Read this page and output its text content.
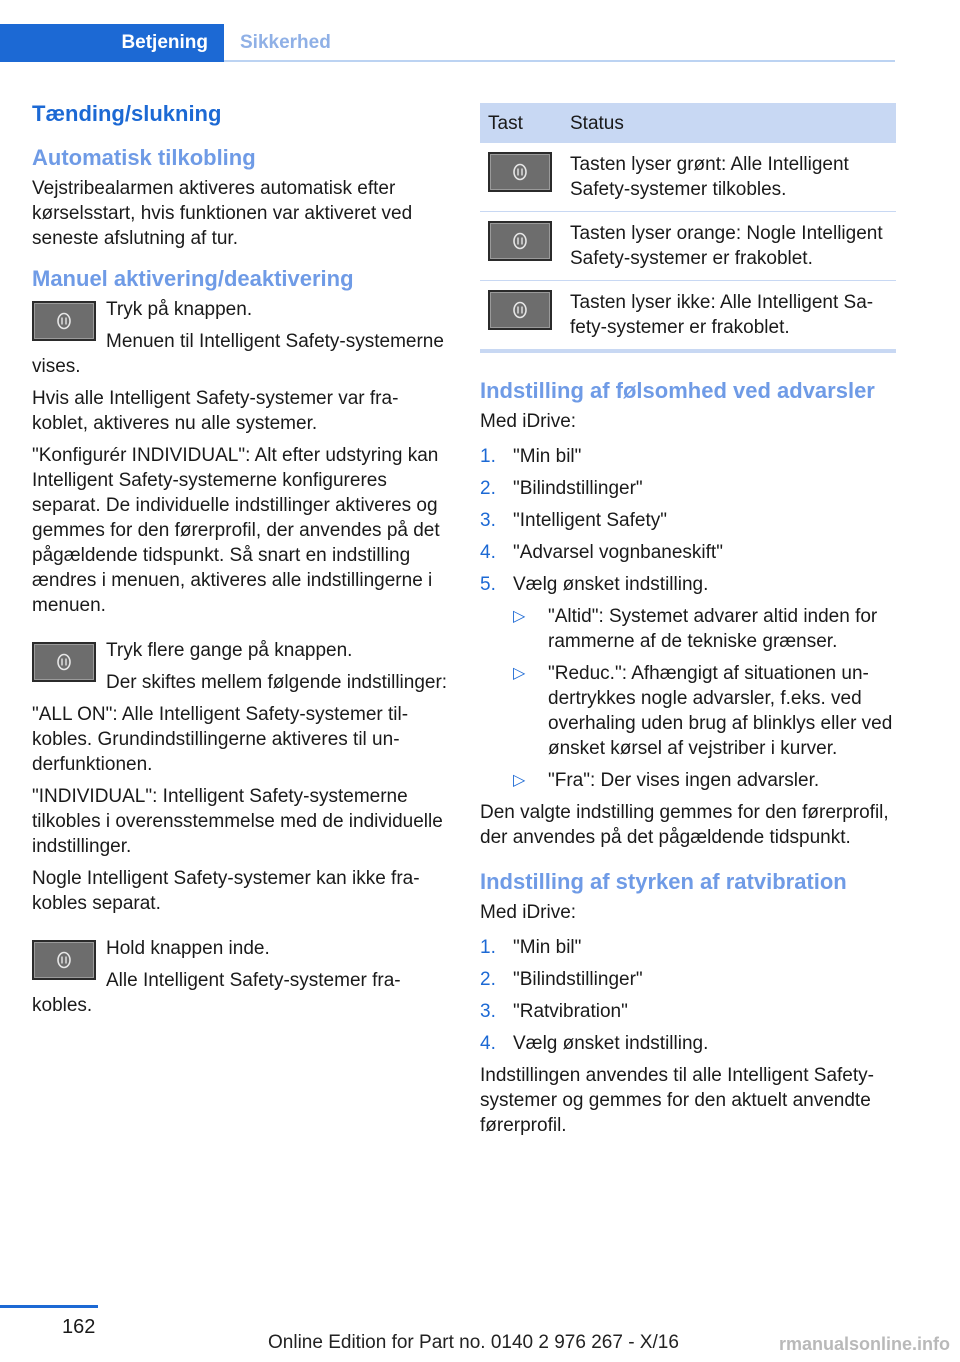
Betjening Sikkerhed
Tænding/slukning
Automatisk tilkobling

Vejstribealarmen aktiveres automatisk efter kørselsstart, hvis funktionen var aktiveret ved seneste afslutning af tur.

Manuel aktivering/deaktivering

Tryk på knappen.

Menuen til Intelligent Safety-systemerne vises.

Hvis alle Intelligent Safety-systemer var frakoblet, aktiveres nu alle systemer.

"Konfigurér INDIVIDUAL": Alt efter udstyring kan Intelligent Safety-systemerne konfigureres separat. De individuelle indstillinger aktiveres og gemmes for den førerprofil, der anvendes på det pågældende tidspunkt. Så snart en indstilling ændres i menuen, aktiveres alle indstillingerne i menuen.

Tryk flere gange på knappen.

Der skiftes mellem følgende indstillinger:

"ALL ON": Alle Intelligent Safety-systemer tilkobles. Grundindstillingerne aktiveres til underfunktionen.

"INDIVIDUAL": Intelligent Safety-systemerne tilkobles i overensstemmelse med de individuelle indstillinger.

Nogle Intelligent Safety-systemer kan ikke frakobles separat.

Hold knappen inde.

Alle Intelligent Safety-systemer frakobles.

Tast	Status

	Tasten lyser grønt: Alle Intelligent Safety-systemer tilkobles.

	Tasten lyser orange: Nogle Intelligent Safety-systemer er frakoblet.

	Tasten lyser ikke: Alle Intelligent Safety-systemer er frakoblet.
Indstilling af følsomhed ved advarsler

Med iDrive:

1. "Min bil"
2. "Bilindstillinger"
3. "Intelligent Safety"
4. "Advarsel vognbaneskift"
5. Vælg ønsket indstilling.
▷ "Altid": Systemet advarer altid inden for rammerne af de tekniske grænser.
▷ "Reduc.": Afhængigt af situationen undertrykkes nogle advarsler, f.eks. ved overhaling uden brug af blinklys eller ved ønsket kørsel af vejstriber i kurver.
▷ "Fra": Der vises ingen advarsler.

Den valgte indstilling gemmes for den førerprofil, der anvendes på det pågældende tidspunkt.

Indstilling af styrken af ratvibration

Med iDrive:

1. "Min bil"
2. "Bilindstillinger"
3. "Ratvibration"
4. Vælg ønsket indstilling.

Indstillingen anvendes til alle Intelligent Safety-systemer og gemmes for den aktuelt anvendte førerprofil.

162
Online Edition for Part no. 0140 2 976 267 - X/16	rmanualsonline.info
